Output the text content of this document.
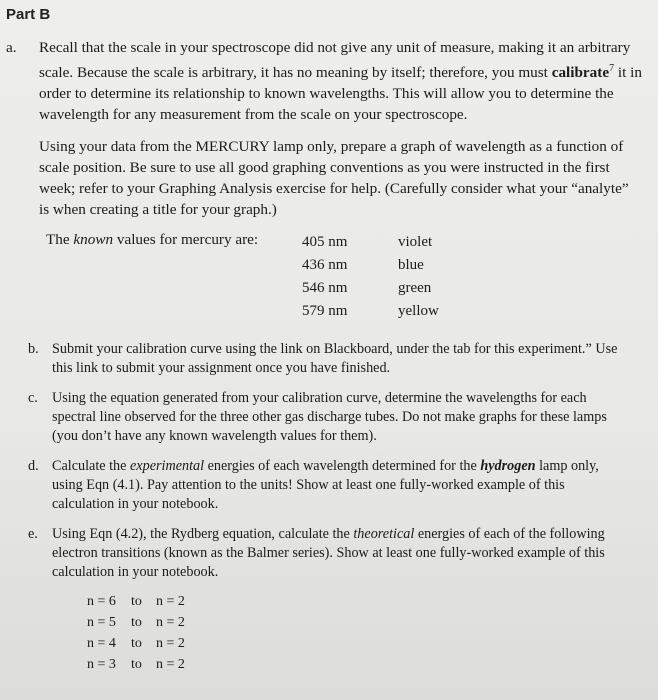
Part B
a. Recall that the scale in your spectroscope did not give any unit of measure, making it an arbitrary scale. Because the scale is arbitrary, it has no meaning by itself; therefore, you must calibrate$^7$ it in order to determine its relationship to known wavelengths. This will allow you to determine the wavelength for any measurement from the scale on your spectroscope.

Using your data from the MERCURY lamp only, prepare a graph of wavelength as a function of scale position. Be sure to use all good graphing conventions as you were instructed in the first week; refer to your Graphing Analysis exercise for help. (Carefully consider what your “analyte” is when creating a title for your graph.)

The known values for mercury are:	405 nm
436 nm
546 nm
579 nm
violet
blue
green
yellow
b. Submit your calibration curve using the link on Blackboard, under the tab for this experiment.” Use this link to submit your assignment once you have finished.

c. Using the equation generated from your calibration curve, determine the wavelengths for each spectral line observed for the three other gas discharge tubes. Do not make graphs for these lamps (you don’t have any known wavelength values for them).

d. Calculate the experimental energies of each wavelength determined for the hydrogen lamp only, using Eqn (4.1). Pay attention to the units! Show at least one fully-worked example of this calculation in your notebook.

e. Using Eqn (4.2), the Rydberg equation, calculate the theoretical energies of each of the following electron transitions (known as the Balmer series). Show at least one fully-worked example of this calculation in your notebook.

n = 6 to n = 2
n = 5 to n = 2
n = 4 to n = 2
n = 3 to n = 2
